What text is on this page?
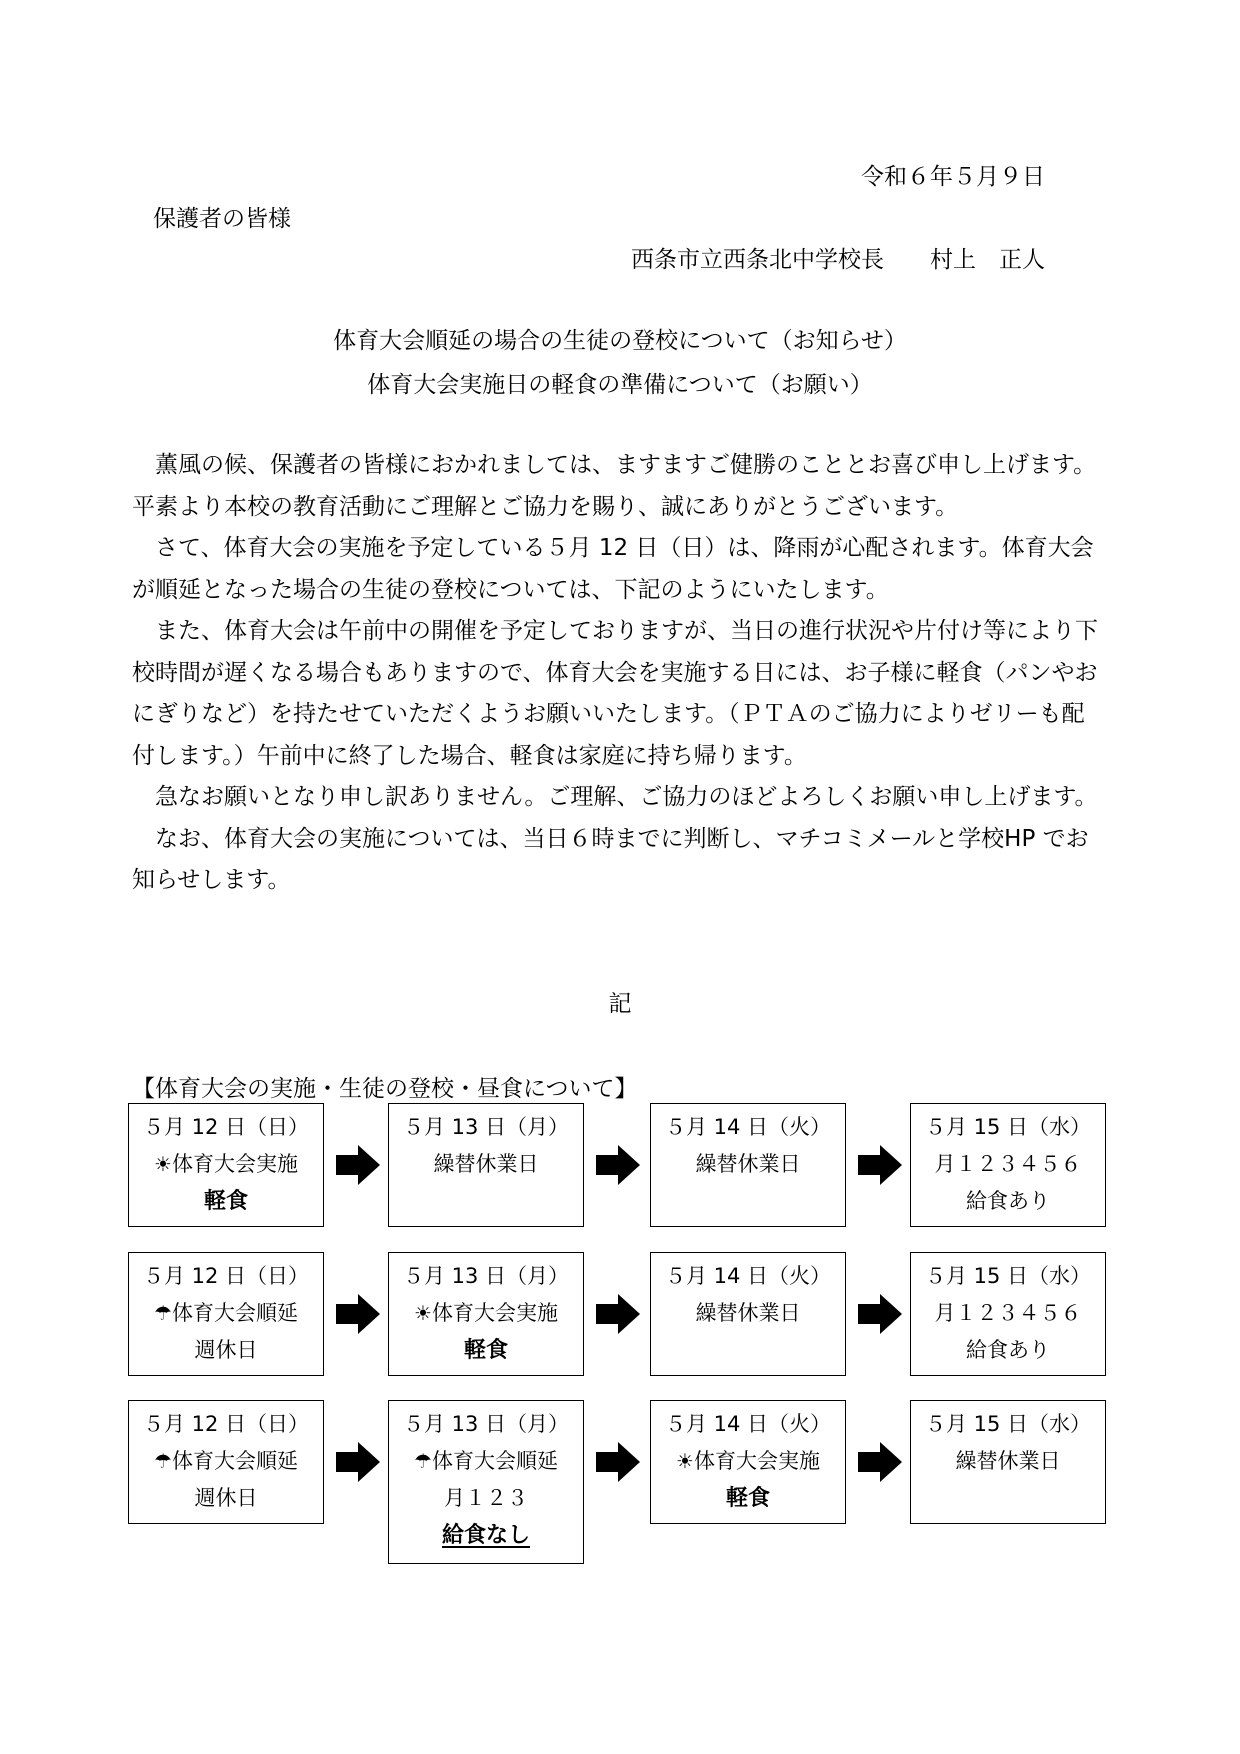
令和６年５月９日
保護者の皆様
西条市立西条北中学校長　　村上　正人
体育大会順延の場合の生徒の登校について（お知らせ）
体育大会実施日の軽食の準備について（お願い）

薫風の候、保護者の皆様におかれましては、ますますご健勝のこととお喜び申し上げます。平素より本校の教育活動にご理解とご協力を賜り、誠にありがとうございます。

さて、体育大会の実施を予定している５月 12 日（日）は、降雨が心配されます。体育大会が順延となった場合の生徒の登校については、下記のようにいたします。

また、体育大会は午前中の開催を予定しておりますが、当日の進行状況や片付け等により下校時間が遅くなる場合もありますので、体育大会を実施する日には、お子様に軽食（パンやおにぎりなど）を持たせていただくようお願いいたします。（ＰＴＡのご協力によりゼリーも配付します。）午前中に終了した場合、軽食は家庭に持ち帰ります。

急なお願いとなり申し訳ありません。ご理解、ご協力のほどよろしくお願い申し上げます。

なお、体育大会の実施については、当日６時までに判断し、マチコミメールと学校HP でお知らせします。

記
【体育大会の実施・生徒の登校・昼食について】
５月 12 日（日）
☀体育大会実施
軽食
５月 13 日（月）
繰替休業日
５月 14 日（火）
繰替休業日
５月 15 日（水）
月１２３４５６
給食あり
５月 12 日（日）
☂体育大会順延
週休日
５月 13 日（月）
☀体育大会実施
軽食
５月 14 日（火）
繰替休業日
５月 15 日（水）
月１２３４５６
給食あり
５月 12 日（日）
☂体育大会順延
週休日
５月 13 日（月）
☂体育大会順延
月１２３
給食なし
５月 14 日（火）
☀体育大会実施
軽食
５月 15 日（水）
繰替休業日
